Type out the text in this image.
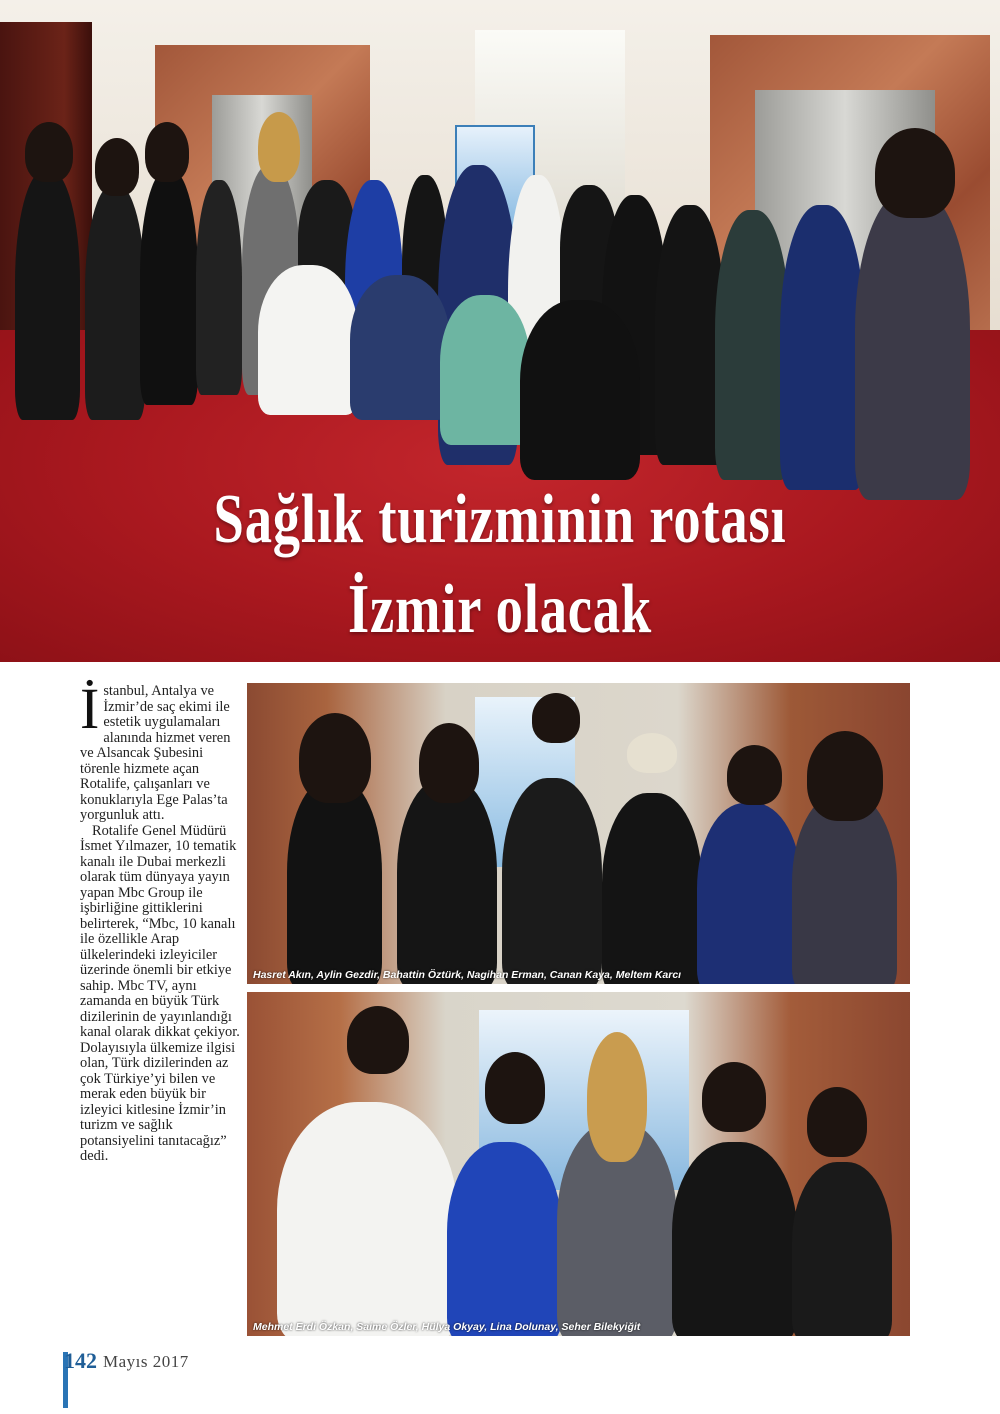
Sağlık turizminin rotası
İzmir olacak

İstanbul, Antalya ve İzmir’de saç ekimi ile estetik uygulamaları alanında hizmet veren ve Alsancak Şubesini törenle hizmete açan Rotalife, çalışanları ve konuklarıyla Ege Palas’ta yorgunluk attı.

Rotalife Genel Müdürü İsmet Yılmazer, 10 tematik kanalı ile Dubai merkezli olarak tüm dünyaya yayın yapan Mbc Group ile işbirliğine gittiklerini belirterek, “Mbc, 10 kanalı ile özellikle Arap ülkelerindeki izleyiciler üzerinde önemli bir etkiye sahip. Mbc TV, aynı zamanda en büyük Türk dizilerinin de yayınlandığı kanal olarak dikkat çekiyor. Dolayısıyla ülkemize ilgisi olan, Türk dizilerinden az çok Türkiye’yi bilen ve merak eden büyük bir izleyici kitlesine İzmir’in turizm ve sağlık potansiyelini tanıtacağız” dedi.

Hasret Akın, Aylin Gezdir, Bahattin Öztürk, Nagihan Erman, Canan Kaya, Meltem Karcı
Mehmet Erdi Özkan, Saime Özler, Hülya Okyay, Lina Dolunay, Seher Bilekyiğit
142 Mayıs 2017
